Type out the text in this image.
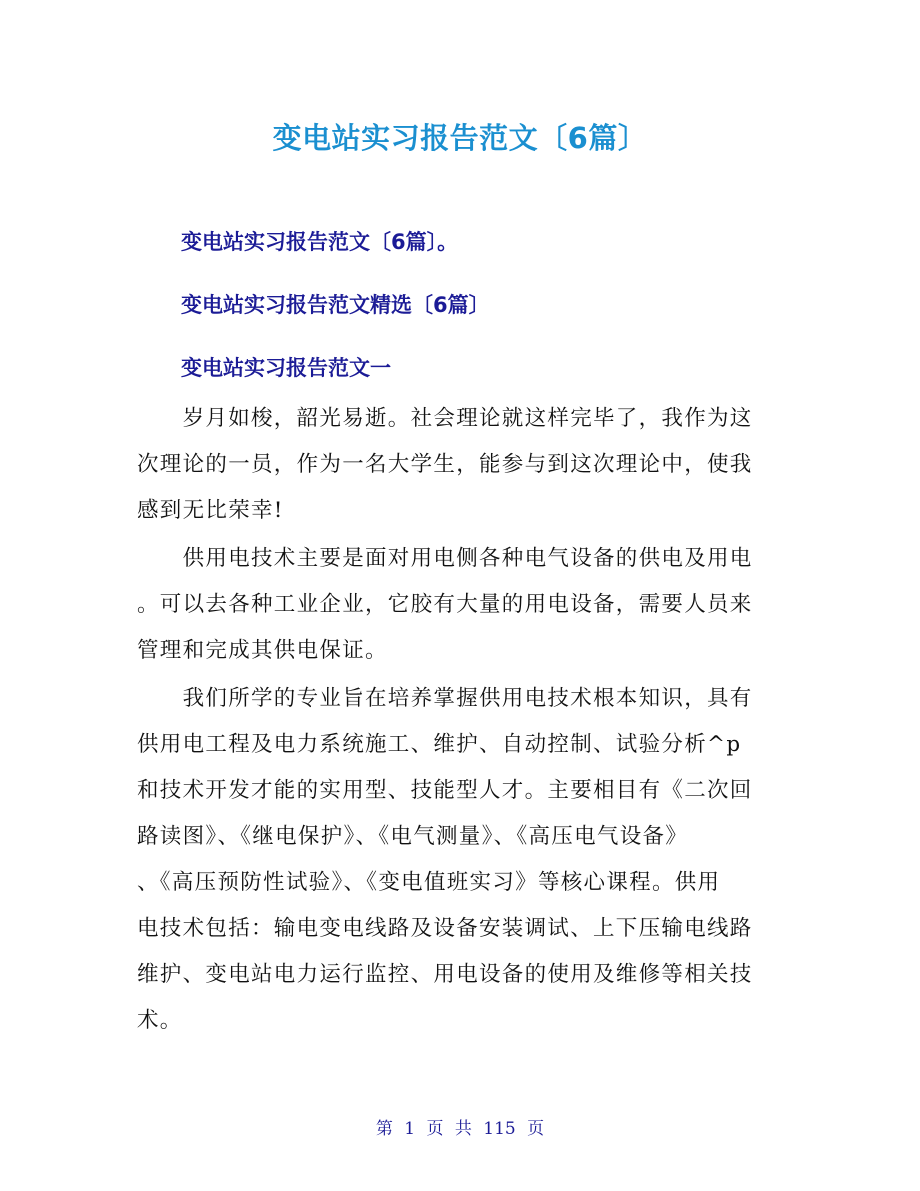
变电站实习报告范文〔6篇〕

变电站实习报告范文〔6篇〕。

变电站实习报告范文精选〔6篇〕

变电站实习报告范文一

　　岁月如梭，韶光易逝。社会理论就这样完毕了，我作为这
次理论的一员，作为一名大学生，能参与到这次理论中，使我
感到无比荣幸!
　　供用电技术主要是面对用电侧各种电气设备的供电及用电
。可以去各种工业企业，它胶有大量的用电设备，需要人员来
管理和完成其供电保证。
　　我们所学的专业旨在培养掌握供用电技术根本知识，具有
供用电工程及电力系统施工、维护、自动控制、试验分析^p
和技术开发才能的实用型、技能型人才。主要相目有《二次回
路读图》、《继电保护》、《电气测量》、《高压电气设备》
、《高压预防性试验》、《变电值班实习》等核心课程。供用
电技术包括：输电变电线路及设备安装调试、上下压输电线路
维护、变电站电力运行监控、用电设备的使用及维修等相关技
术。
第 1 页 共 115 页
